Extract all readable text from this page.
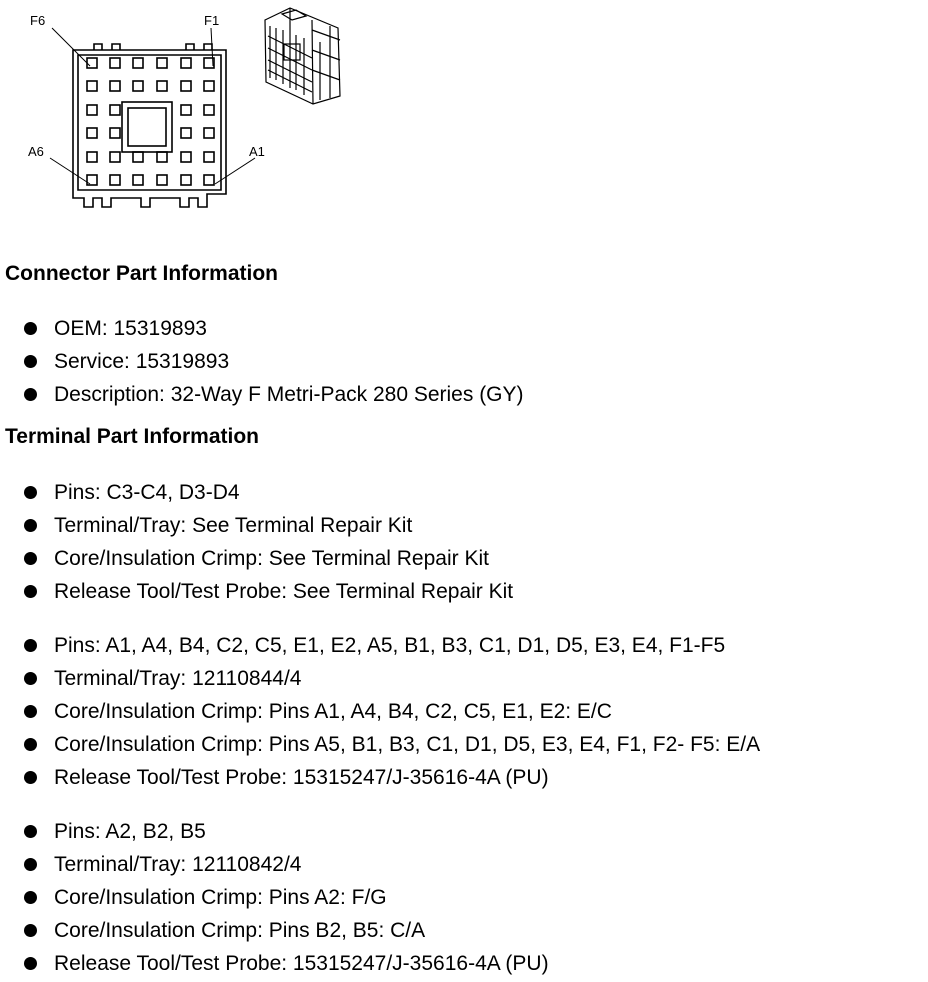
F6	F1
A6	A1
Connector Part Information
OEM: 15319893
Service: 15319893
Description: 32-Way F Metri-Pack 280 Series (GY)
Terminal Part Information
Pins: C3-C4, D3-D4
Terminal/Tray: See Terminal Repair Kit
Core/Insulation Crimp: See Terminal Repair Kit
Release Tool/Test Probe: See Terminal Repair Kit
Pins: A1, A4, B4, C2, C5, E1, E2, A5, B1, B3, C1, D1, D5, E3, E4, F1-F5
Terminal/Tray: 12110844/4
Core/Insulation Crimp: Pins A1, A4, B4, C2, C5, E1, E2: E/C
Core/Insulation Crimp: Pins A5, B1, B3, C1, D1, D5, E3, E4, F1, F2- F5: E/A
Release Tool/Test Probe: 15315247/J-35616-4A (PU)
Pins: A2, B2, B5
Terminal/Tray: 12110842/4
Core/Insulation Crimp: Pins A2: F/G
Core/Insulation Crimp: Pins B2, B5: C/A
Release Tool/Test Probe: 15315247/J-35616-4A (PU)
